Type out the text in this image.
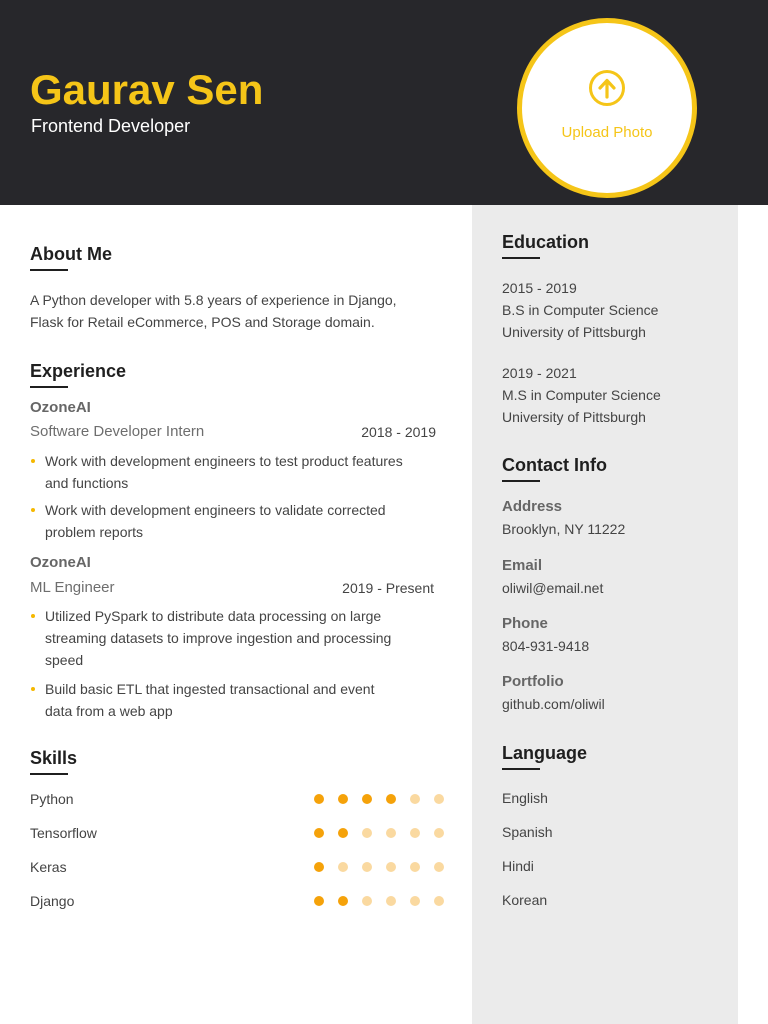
Gaurav Sen
Frontend Developer	Upload Photo
About Me
A Python developer with 5.8 years of experience in Django, Flask for Retail eCommerce, POS and Storage domain.
Experience
OzoneAI
Software Developer Intern	2018 - 2019
Work with development engineers to test product features and functions
Work with development engineers to validate corrected problem reports
OzoneAI
ML Engineer	2019 - Present
Utilized PySpark to distribute data processing on large streaming datasets to improve ingestion and processing speed
Build basic ETL that ingested transactional and event data from a web app
Skills
Python
Tensorflow
Keras
Django
Education
2015 - 2019
B.S in Computer Science
University of Pittsburgh
2019 - 2021
M.S in Computer Science
University of Pittsburgh
Contact Info
Address
Brooklyn, NY 11222
Email
oliwil@email.net
Phone
804-931-9418
Portfolio
github.com/oliwil
Language
English
Spanish
Hindi
Korean
